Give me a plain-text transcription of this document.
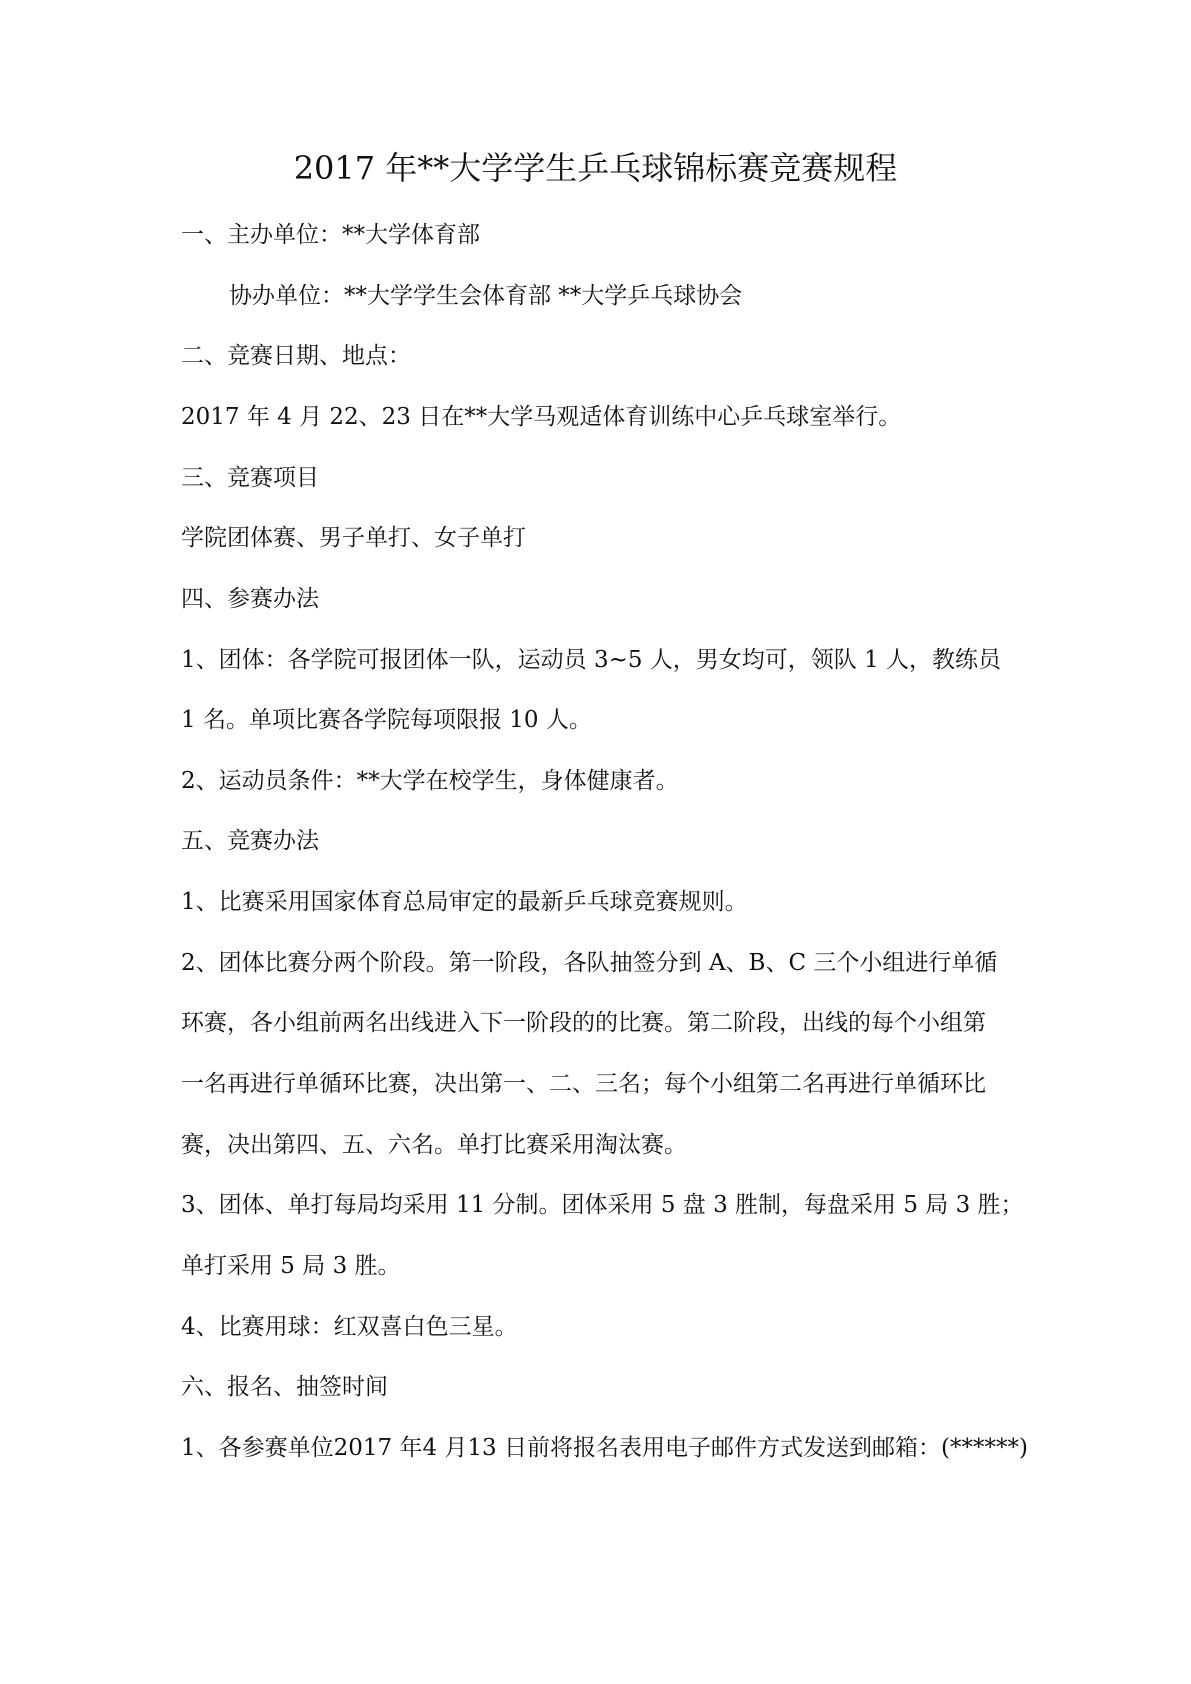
2017 年**大学学生乒乓球锦标赛竞赛规程
一、主办单位：**大学体育部
协办单位：**大学学生会体育部 **大学乒乓球协会
二、竞赛日期、地点：
2017 年 4 月 22、23 日在**大学马观适体育训练中心乒乓球室举行。
三、竞赛项目
学院团体赛、男子单打、女子单打
四、参赛办法
1、团体：各学院可报团体一队，运动员 3~5 人，男女均可，领队 1 人，教练员
1 名。单项比赛各学院每项限报 10 人。
2、运动员条件：**大学在校学生，身体健康者。
五、竞赛办法
1、比赛采用国家体育总局审定的最新乒乓球竞赛规则。
2、团体比赛分两个阶段。第一阶段，各队抽签分到 A、B、C 三个小组进行单循
环赛，各小组前两名出线进入下一阶段的的比赛。第二阶段，出线的每个小组第
一名再进行单循环比赛，决出第一、二、三名；每个小组第二名再进行单循环比
赛，决出第四、五、六名。单打比赛采用淘汰赛。
3、团体、单打每局均采用 11 分制。团体采用 5 盘 3 胜制，每盘采用 5 局 3 胜；
单打采用 5 局 3 胜。
4、比赛用球：红双喜白色三星。
六、报名、抽签时间
1、各参赛单位2017 年4 月13 日前将报名表用电子邮件方式发送到邮箱：(******)
